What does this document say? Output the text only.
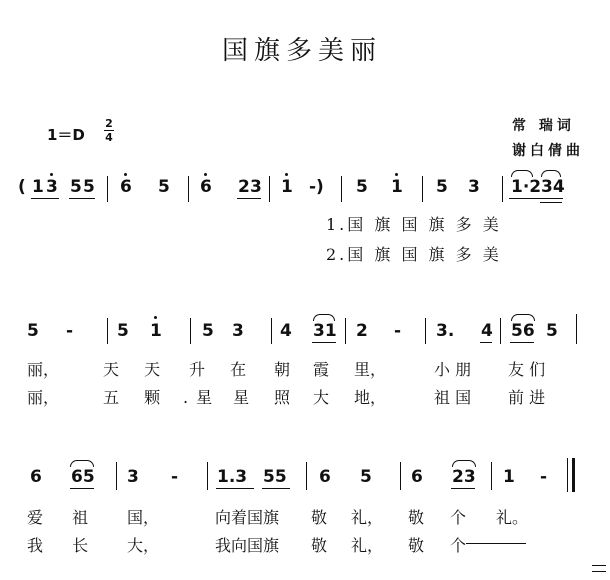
国旗多美丽
1＝D
2
4
常 瑞词
谢白倩曲
( 1 3 5 5 6 5 6 2 3 1 -) 5 1 5 3 1·2 34
1.国 旗 国 旗 多 美
2.国 旗 国 旗 多 美
5 -	5 1 5 3 4 31 2 - 3. 4 56 5
丽，	天 天 升 在 朝 霞 里，	小 朋 友 们
丽，	五 颗 .星 星 照 大 地，	祖 国 前 进
6 65 3 - 1.3 55 6 5 6 23 1 -
爱 祖 国，	向着国旗 敬 礼， 敬 个 礼。
我 长 大，	我向国旗 敬 礼， 敬 个
